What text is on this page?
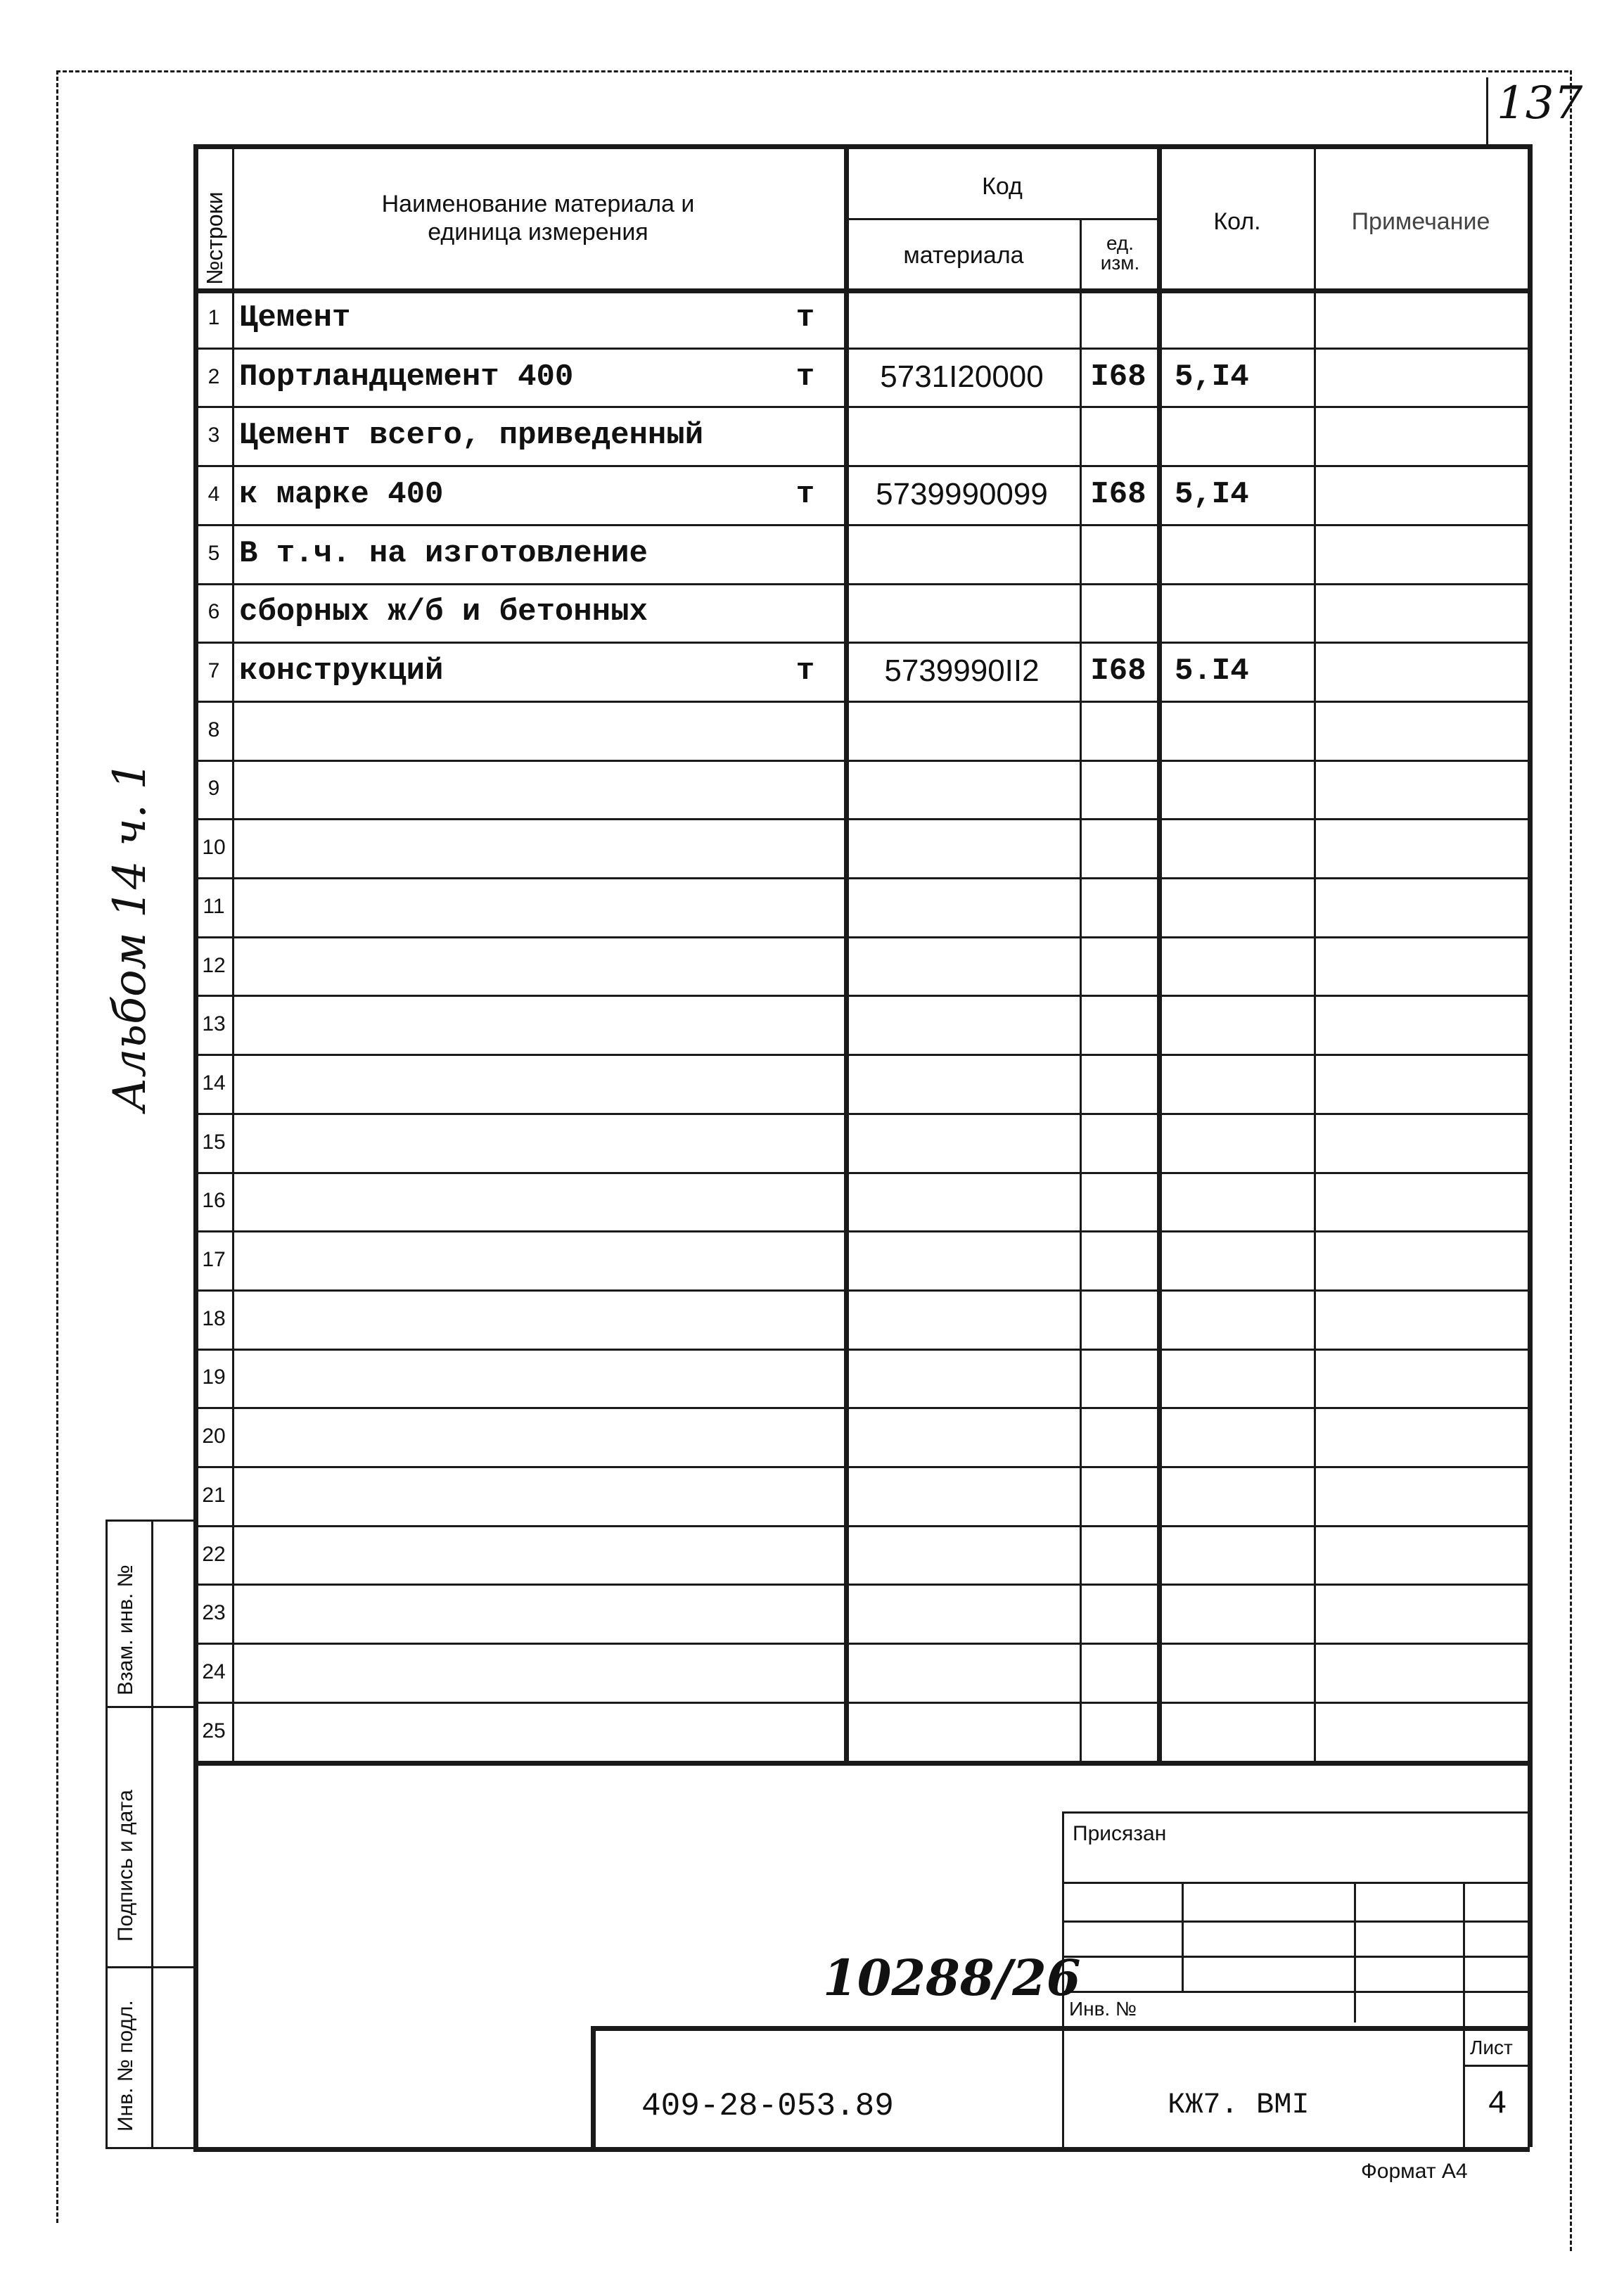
137
№строки	Наименование материала и
единица измерения
Код
материала	ед.
изм.
Кол.	Примечание
1 Цемент	т
2 Портландцемент 400	т	5731I20000	I68 5,I4
3 Цемент всего, приведенный
4 к марке 400	т	5739990099	I68 5,I4
5 В т.ч. на изготовление
6 сборных ж/б и бетонных
7 конструкций	т	5739990II2	I68 5.I4
8
9
10
11
12
13
14
15
16
17
18
19
20
21
22
23
24
25
Альбом 14 ч. 1
Взам. инв. №
Подпись и дата
Инв. № подл.
Присязан
Инв. №
10288/26
Лист
4
409-28-053.89	КЖ7. ВМI
Формат А4
